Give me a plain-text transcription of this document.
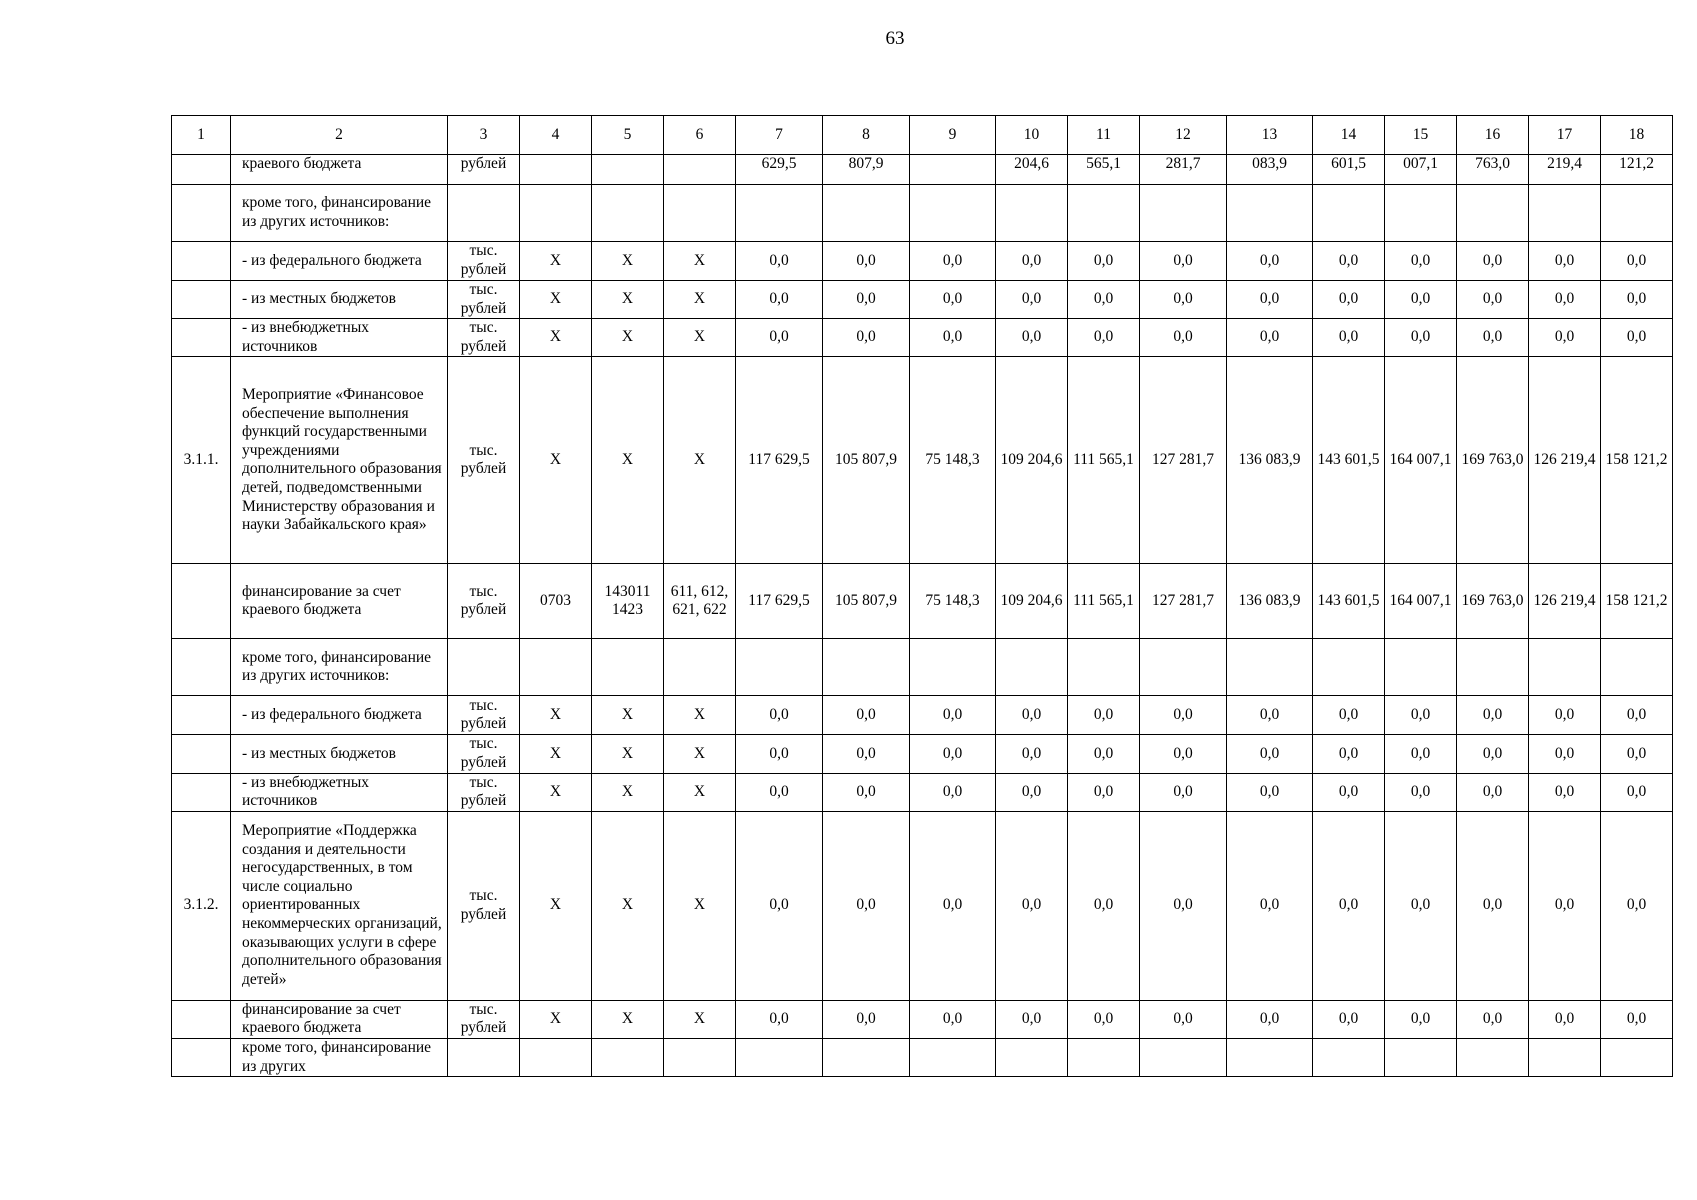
63
1	2	3	4	5	6	7	8	9	10	11	12	13	14	15	16	17	18
	краевого бюджета	рублей				629,5	807,9		204,6	565,1	281,7	083,9	601,5	007,1	763,0	219,4	121,2
	кроме того, финансирование из других источников:																
	- из федерального бюджета	тыс. рублей	Х	Х	Х	0,0	0,0	0,0	0,0	0,0	0,0	0,0	0,0	0,0	0,0	0,0	0,0
	- из местных бюджетов	тыс. рублей	Х	Х	Х	0,0	0,0	0,0	0,0	0,0	0,0	0,0	0,0	0,0	0,0	0,0	0,0
	- из внебюджетных источников	тыс. рублей	Х	Х	Х	0,0	0,0	0,0	0,0	0,0	0,0	0,0	0,0	0,0	0,0	0,0	0,0
3.1.1.	Мероприятие «Финансовое обеспечение выполнения функций государственными учреждениями дополнительного образования детей, подведомственными Министерству образования и науки Забайкальского края»	тыс. рублей	Х	Х	Х	117 629,5	105 807,9	75 148,3	109 204,6	111 565,1	127 281,7	136 083,9	143 601,5	164 007,1	169 763,0	126 219,4	158 121,2
	финансирование за счет краевого бюджета	тыс. рублей	0703	143011 1423	611, 612, 621, 622	117 629,5	105 807,9	75 148,3	109 204,6	111 565,1	127 281,7	136 083,9	143 601,5	164 007,1	169 763,0	126 219,4	158 121,2
	кроме того, финансирование из других источников:																
	- из федерального бюджета	тыс. рублей	Х	Х	Х	0,0	0,0	0,0	0,0	0,0	0,0	0,0	0,0	0,0	0,0	0,0	0,0
	- из местных бюджетов	тыс. рублей	Х	Х	Х	0,0	0,0	0,0	0,0	0,0	0,0	0,0	0,0	0,0	0,0	0,0	0,0
	- из внебюджетных источников	тыс. рублей	Х	Х	Х	0,0	0,0	0,0	0,0	0,0	0,0	0,0	0,0	0,0	0,0	0,0	0,0
3.1.2.	Мероприятие «Поддержка создания и деятельности негосударственных, в том числе социально ориентированных некоммерческих организаций, оказывающих услуги в сфере дополнительного образования детей»	тыс. рублей	Х	Х	Х	0,0	0,0	0,0	0,0	0,0	0,0	0,0	0,0	0,0	0,0	0,0	0,0
	финансирование за счет краевого бюджета	тыс. рублей	Х	Х	Х	0,0	0,0	0,0	0,0	0,0	0,0	0,0	0,0	0,0	0,0	0,0	0,0
	кроме того, финансирование из других																
